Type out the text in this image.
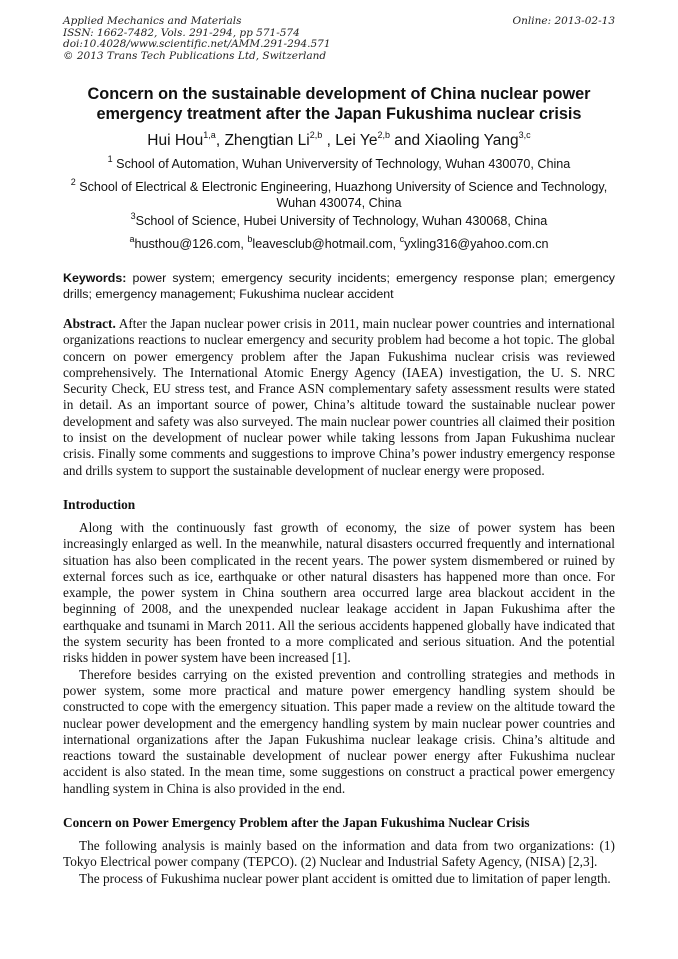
Applied Mechanics and Materials
ISSN: 1662-7482, Vols. 291-294, pp 571-574
doi:10.4028/www.scientific.net/AMM.291-294.571
© 2013 Trans Tech Publications Ltd, Switzerland
Online: 2013-02-13
Concern on the sustainable development of China nuclear power
emergency treatment after the Japan Fukushima nuclear crisis
Hui Hou$^{1,a}$, Zhengtian Li$^{2,b}$ , Lei Ye$^{2,b}$ and Xiaoling Yang$^{3,c}$
$^1$ School of Automation, Wuhan Univerversity of Technology, Wuhan 430070, China
$^2$ School of Electrical & Electronic Engineering, Huazhong University of Science and Technology,
Wuhan 430074, China
$^3$School of Science, Hubei University of Technology, Wuhan 430068, China
$^a$husthou@126.com, $^b$leavesclub@hotmail.com, $^c$yxling316@yahoo.com.cn
Keywords: power system; emergency security incidents; emergency response plan; emergency drills; emergency management; Fukushima nuclear accident
Abstract. After the Japan nuclear power crisis in 2011, main nuclear power countries and international organizations reactions to nuclear emergency and security problem had become a hot topic. The global concern on power emergency problem after the Japan Fukushima nuclear crisis was reviewed comprehensively. The International Atomic Energy Agency (IAEA) investigation, the U. S. NRC Security Check, EU stress test, and France ASN complementary safety assessment results were stated in detail. As an important source of power, China’s altitude toward the sustainable nuclear power development and safety was also surveyed. The main nuclear power countries all claimed their position to insist on the development of nuclear power while taking lessons from Japan Fukushima nuclear crisis. Finally some comments and suggestions to improve China’s power industry emergency response and drills system to support the sustainable development of nuclear energy were proposed.
Introduction

Along with the continuously fast growth of economy, the size of power system has been increasingly enlarged as well. In the meanwhile, natural disasters occurred frequently and international situation has also been complicated in the recent years. The power system dismembered or ruined by external forces such as ice, earthquake or other natural disasters has happened more than once. For example, the power system in China southern area occurred large area blackout accident in the beginning of 2008, and the unexpended nuclear leakage accident in Japan Fukushima after the earthquake and tsunami in March 2011. All the serious accidents happened globally have indicated that the system security has been fronted to a more complicated and serious situation. And the potential risks hidden in power system have been increased [1].

Therefore besides carrying on the existed prevention and controlling strategies and methods in power system, some more practical and mature power emergency handling system should be constructed to cope with the emergency situation. This paper made a review on the altitude toward the nuclear power development and the emergency handling system by main nuclear power countries and international organizations after the Japan Fukushima nuclear leakage crisis. China’s altitude and reactions toward the sustainable development of nuclear power energy after Fukushima nuclear accident is also stated. In the mean time, some suggestions on construct a practical power emergency handling system in China is also provided in the end.

Concern on Power Emergency Problem after the Japan Fukushima Nuclear Crisis

The following analysis is mainly based on the information and data from two organizations: (1) Tokyo Electrical power company (TEPCO). (2) Nuclear and Industrial Safety Agency, (NISA) [2,3].

The process of Fukushima nuclear power plant accident is omitted due to limitation of paper length.
